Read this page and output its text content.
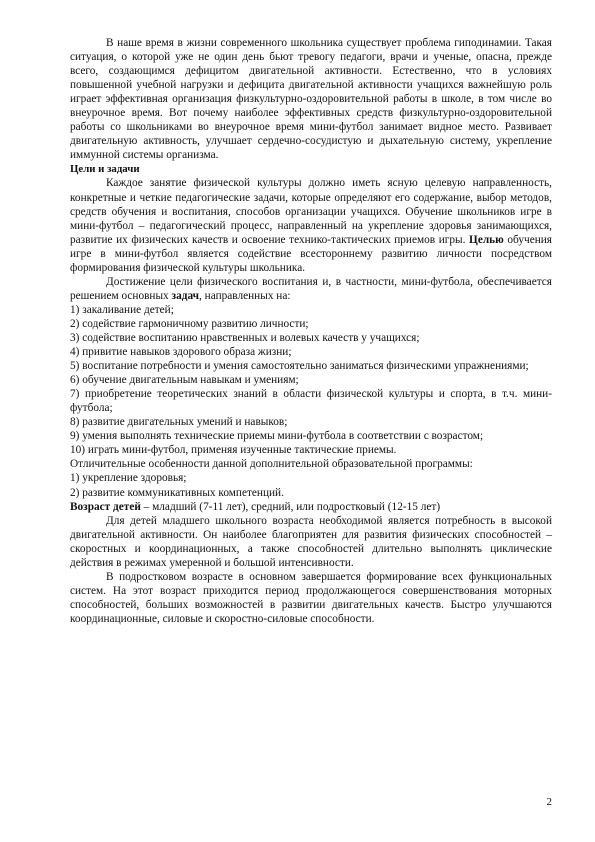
В наше время в жизни современного школьника существует проблема гиподинамии. Такая ситуация, о которой уже не один день бьют тревогу педагоги, врачи и ученые, опасна, прежде всего, создающимся дефицитом двигательной активности. Естественно, что в условиях повышенной учебной нагрузки и дефицита двигательной активности учащихся важнейшую роль играет эффективная организация физкультурно-оздоровительной работы в школе, в том числе во внеурочное время. Вот почему наиболее эффективных средств физкультурно-оздоровительной работы со школьниками во внеурочное время мини-футбол занимает видное место. Развивает двигательную активность, улучшает сердечно-сосудистую и дыхательную систему, укрепление иммунной системы организма.

Цели и задачи

Каждое занятие физической культуры должно иметь ясную целевую направленность, конкретные и четкие педагогические задачи, которые определяют его содержание, выбор методов, средств обучения и воспитания, способов организации учащихся. Обучение школьников игре в мини-футбол – педагогический процесс, направленный на укрепление здоровья занимающихся, развитие их физических качеств и освоение технико-тактических приемов игры. Целью обучения игре в мини-футбол является содействие всестороннему развитию личности посредством формирования физической культуры школьника.

Достижение цели физического воспитания и, в частности, мини-футбола, обеспечивается решением основных задач, направленных на:

1) закаливание детей;

2) содействие гармоничному развитию личности;

3) содействие воспитанию нравственных и волевых качеств у учащихся;

4) привитие навыков здорового образа жизни;

5) воспитание потребности и умения самостоятельно заниматься физическими упражнениями;

6) обучение двигательным навыкам и умениям;

7) приобретение теоретических знаний в области физической культуры и спорта, в т.ч. мини-футбола;

8) развитие двигательных умений и навыков;

9) умения выполнять технические приемы мини-футбола в соответствии с возрастом;

10) играть мини-футбол, применяя изученные тактические приемы.

Отличительные особенности данной дополнительной образовательной программы:

1) укрепление здоровья;

2) развитие коммуникативных компетенций.

Возраст детей – младший (7-11 лет), средний, или подростковый (12-15 лет)

Для детей младшего школьного возраста необходимой является потребность в высокой двигательной активности. Он наиболее благоприятен для развития физических способностей – скоростных и координационных, а также способностей длительно выполнять циклические действия в режимах умеренной и большой интенсивности.

В подростковом возрасте в основном завершается формирование всех функциональных систем. На этот возраст приходится период продолжающегося совершенствования моторных способностей, больших возможностей в развитии двигательных качеств. Быстро улучшаются координационные, силовые и скоростно-силовые способности.

2
